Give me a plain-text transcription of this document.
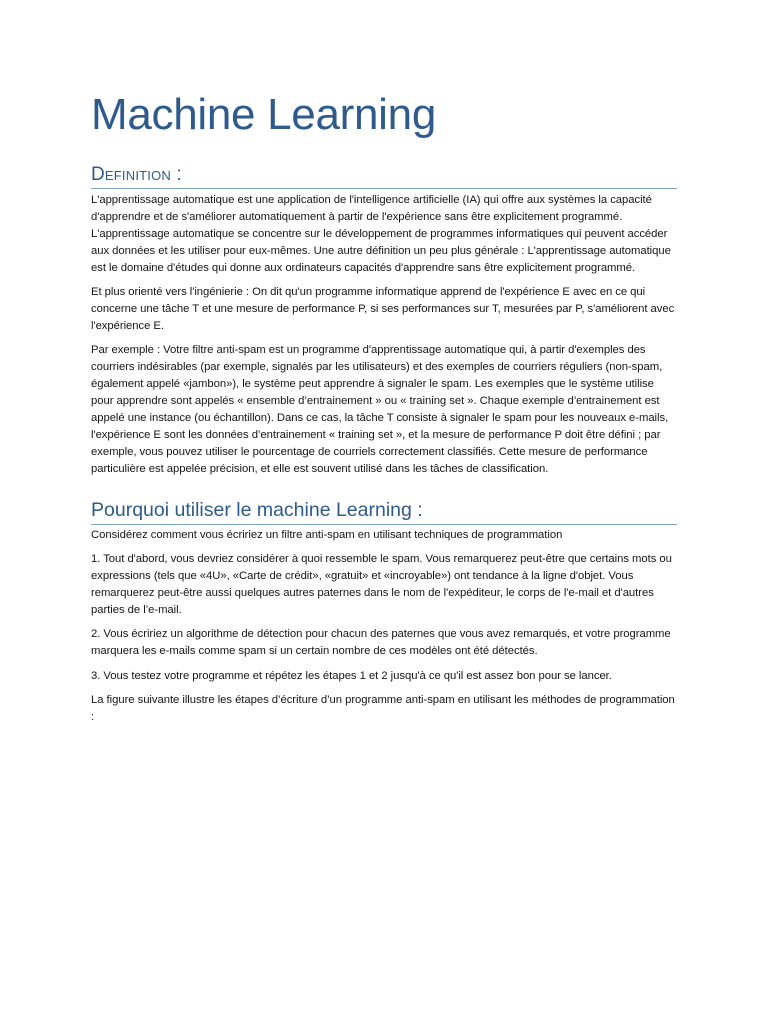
Machine Learning
Definition :

L'apprentissage automatique est une application de l'intelligence artificielle (IA) qui offre aux systèmes la capacité d'apprendre et de s'améliorer automatiquement à partir de l'expérience sans être explicitement programmé. L'apprentissage automatique se concentre sur le développement de programmes informatiques qui peuvent accéder aux données et les utiliser pour eux-mêmes. Une autre définition un peu plus générale : L'apprentissage automatique est le domaine d'études qui donne aux ordinateurs capacités d'apprendre sans être explicitement programmé.

Et plus orienté vers l'ingénierie : On dit qu'un programme informatique apprend de l'expérience E avec en ce qui concerne une tâche T et une mesure de performance P, si ses performances sur T, mesurées par P, s'améliorent avec l'expérience E.

Par exemple : Votre filtre anti-spam est un programme d'apprentissage automatique qui, à partir d'exemples des courriers indésirables (par exemple, signalés par les utilisateurs) et des exemples de courriers réguliers (non-spam, également appelé «jambon»), le système peut apprendre à signaler le spam. Les exemples que le système utilise pour apprendre sont appelés « ensemble d’entrainement » ou « training set ». Chaque exemple d’entrainement est appelé une instance (ou échantillon). Dans ce cas, la tâche T consiste à signaler le spam pour les nouveaux e-mails, l'expérience E sont les données d’entrainement « training set », et la mesure de performance P doit être défini ; par exemple, vous pouvez utiliser le pourcentage de courriels correctement classifiés. Cette mesure de performance particulière est appelée précision, et elle est souvent utilisé dans les tâches de classification.

Pourquoi utiliser le machine Learning :

Considérez comment vous écririez un filtre anti-spam en utilisant techniques de programmation

1. Tout d'abord, vous devriez considérer à quoi ressemble le spam. Vous remarquerez peut-être que certains mots ou expressions (tels que «4U», «Carte de crédit», «gratuit» et «incroyable») ont tendance à la ligne d'objet. Vous remarquerez peut-être aussi quelques autres paternes dans le nom de l'expéditeur, le corps de l'e-mail et d'autres parties de l’e-mail.

2. Vous écririez un algorithme de détection pour chacun des paternes que vous avez remarqués, et votre programme marquera les e-mails comme spam si un certain nombre de ces modèles ont été détectés.

3. Vous testez votre programme et répétez les étapes 1 et 2 jusqu'à ce qu'il est assez bon pour se lancer.

La figure suivante illustre les étapes d’écriture d’un programme anti-spam en utilisant les méthodes de programmation :
